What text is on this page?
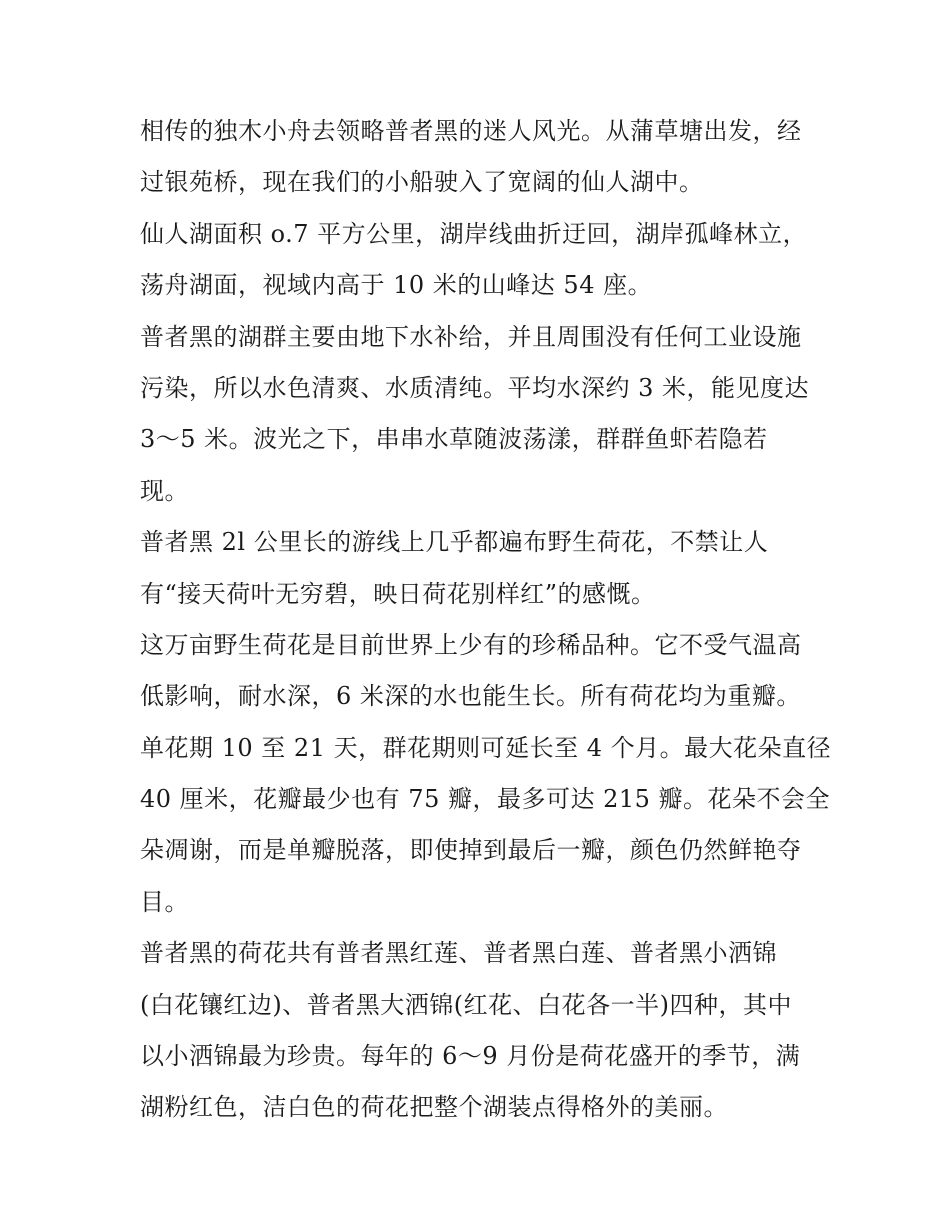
相传的独木小舟去领略普者黑的迷人风光。从蒲草塘出发，经
过银苑桥，现在我们的小船驶入了宽阔的仙人湖中。
仙人湖面积 o.7 平方公里，湖岸线曲折迂回，湖岸孤峰林立，
荡舟湖面，视域内高于 10 米的山峰达 54 座。
普者黑的湖群主要由地下水补给，并且周围没有任何工业设施
污染，所以水色清爽、水质清纯。平均水深约 3 米，能见度达
3～5 米。波光之下，串串水草随波荡漾，群群鱼虾若隐若
现。
普者黑 2l 公里长的游线上几乎都遍布野生荷花，不禁让人
有“接天荷叶无穷碧，映日荷花别样红”的感慨。
这万亩野生荷花是目前世界上少有的珍稀品种。它不受气温高
低影响，耐水深，6 米深的水也能生长。所有荷花均为重瓣。
单花期 10 至 21 天，群花期则可延长至 4 个月。最大花朵直径
40 厘米，花瓣最少也有 75 瓣，最多可达 215 瓣。花朵不会全
朵凋谢，而是单瓣脱落，即使掉到最后一瓣，颜色仍然鲜艳夺
目。
普者黑的荷花共有普者黑红莲、普者黑白莲、普者黑小洒锦
(白花镶红边)、普者黑大洒锦(红花、白花各一半)四种，其中
以小洒锦最为珍贵。每年的 6～9 月份是荷花盛开的季节，满
湖粉红色，洁白色的荷花把整个湖装点得格外的美丽。
